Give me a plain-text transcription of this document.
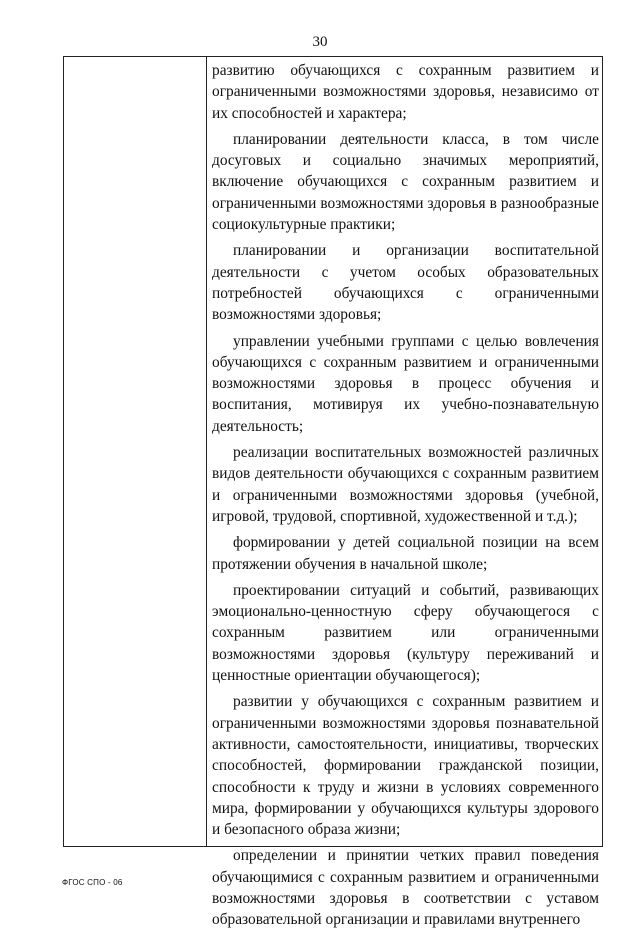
30

развитию обучающихся с сохранным развитием и ограниченными возможностями здоровья, независимо от их способностей и характера;

планировании деятельности класса, в том числе досуговых и социально значимых мероприятий, включение обучающихся с сохранным развитием и ограниченными возможностями здоровья в разнообразные социокультурные практики;

планировании и организации воспитательной деятельности с учетом особых образовательных потребностей обучающихся с ограниченными возможностями здоровья;

управлении учебными группами с целью вовлечения обучающихся с сохранным развитием и ограниченными возможностями здоровья в процесс обучения и воспитания, мотивируя их учебно-познавательную деятельность;

реализации воспитательных возможностей различных видов деятельности обучающихся с сохранным развитием и ограниченными возможностями здоровья (учебной, игровой, трудовой, спортивной, художественной и т.д.);

формировании у детей социальной позиции на всем протяжении обучения в начальной школе;

проектировании ситуаций и событий, развивающих эмоционально-ценностную сферу обучающегося с сохранным развитием или ограниченными возможностями здоровья (культуру переживаний и ценностные ориентации обучающегося);

развитии у обучающихся с сохранным развитием и ограниченными возможностями здоровья познавательной активности, самостоятельности, инициативы, творческих способностей, формировании гражданской позиции, способности к труду и жизни в условиях современного мира, формировании у обучающихся культуры здорового и безопасного образа жизни;

определении и принятии четких правил поведения обучающимися с сохранным развитием и ограниченными возможностями здоровья в соответствии с уставом образовательной организации и правилами внутреннего

ФГОС СПО - 06
